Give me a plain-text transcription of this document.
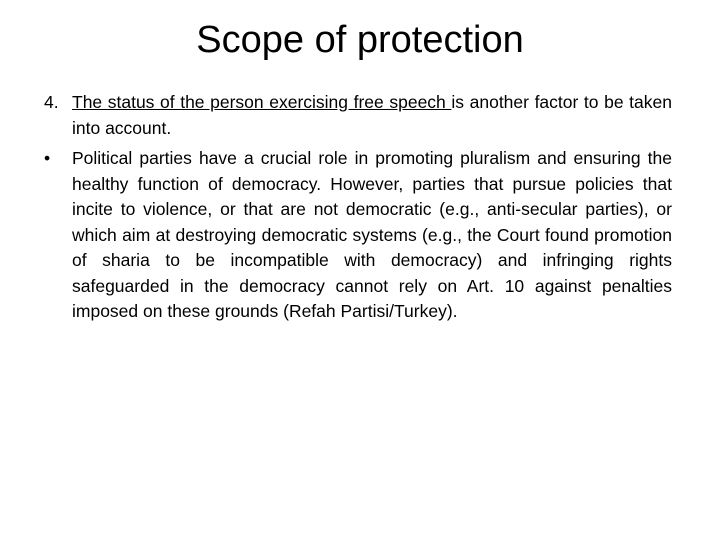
Scope of protection
4. The status of the person exercising free speech is another factor to be taken into account.
• Political parties have a crucial role in promoting pluralism and ensuring the healthy function of democracy. However, parties that pursue policies that incite to violence, or that are not democratic (e.g., anti-secular parties), or which aim at destroying democratic systems (e.g., the Court found promotion of sharia to be incompatible with democracy) and infringing rights safeguarded in the democracy cannot rely on Art. 10 against penalties imposed on these grounds (Refah Partisi/Turkey).
